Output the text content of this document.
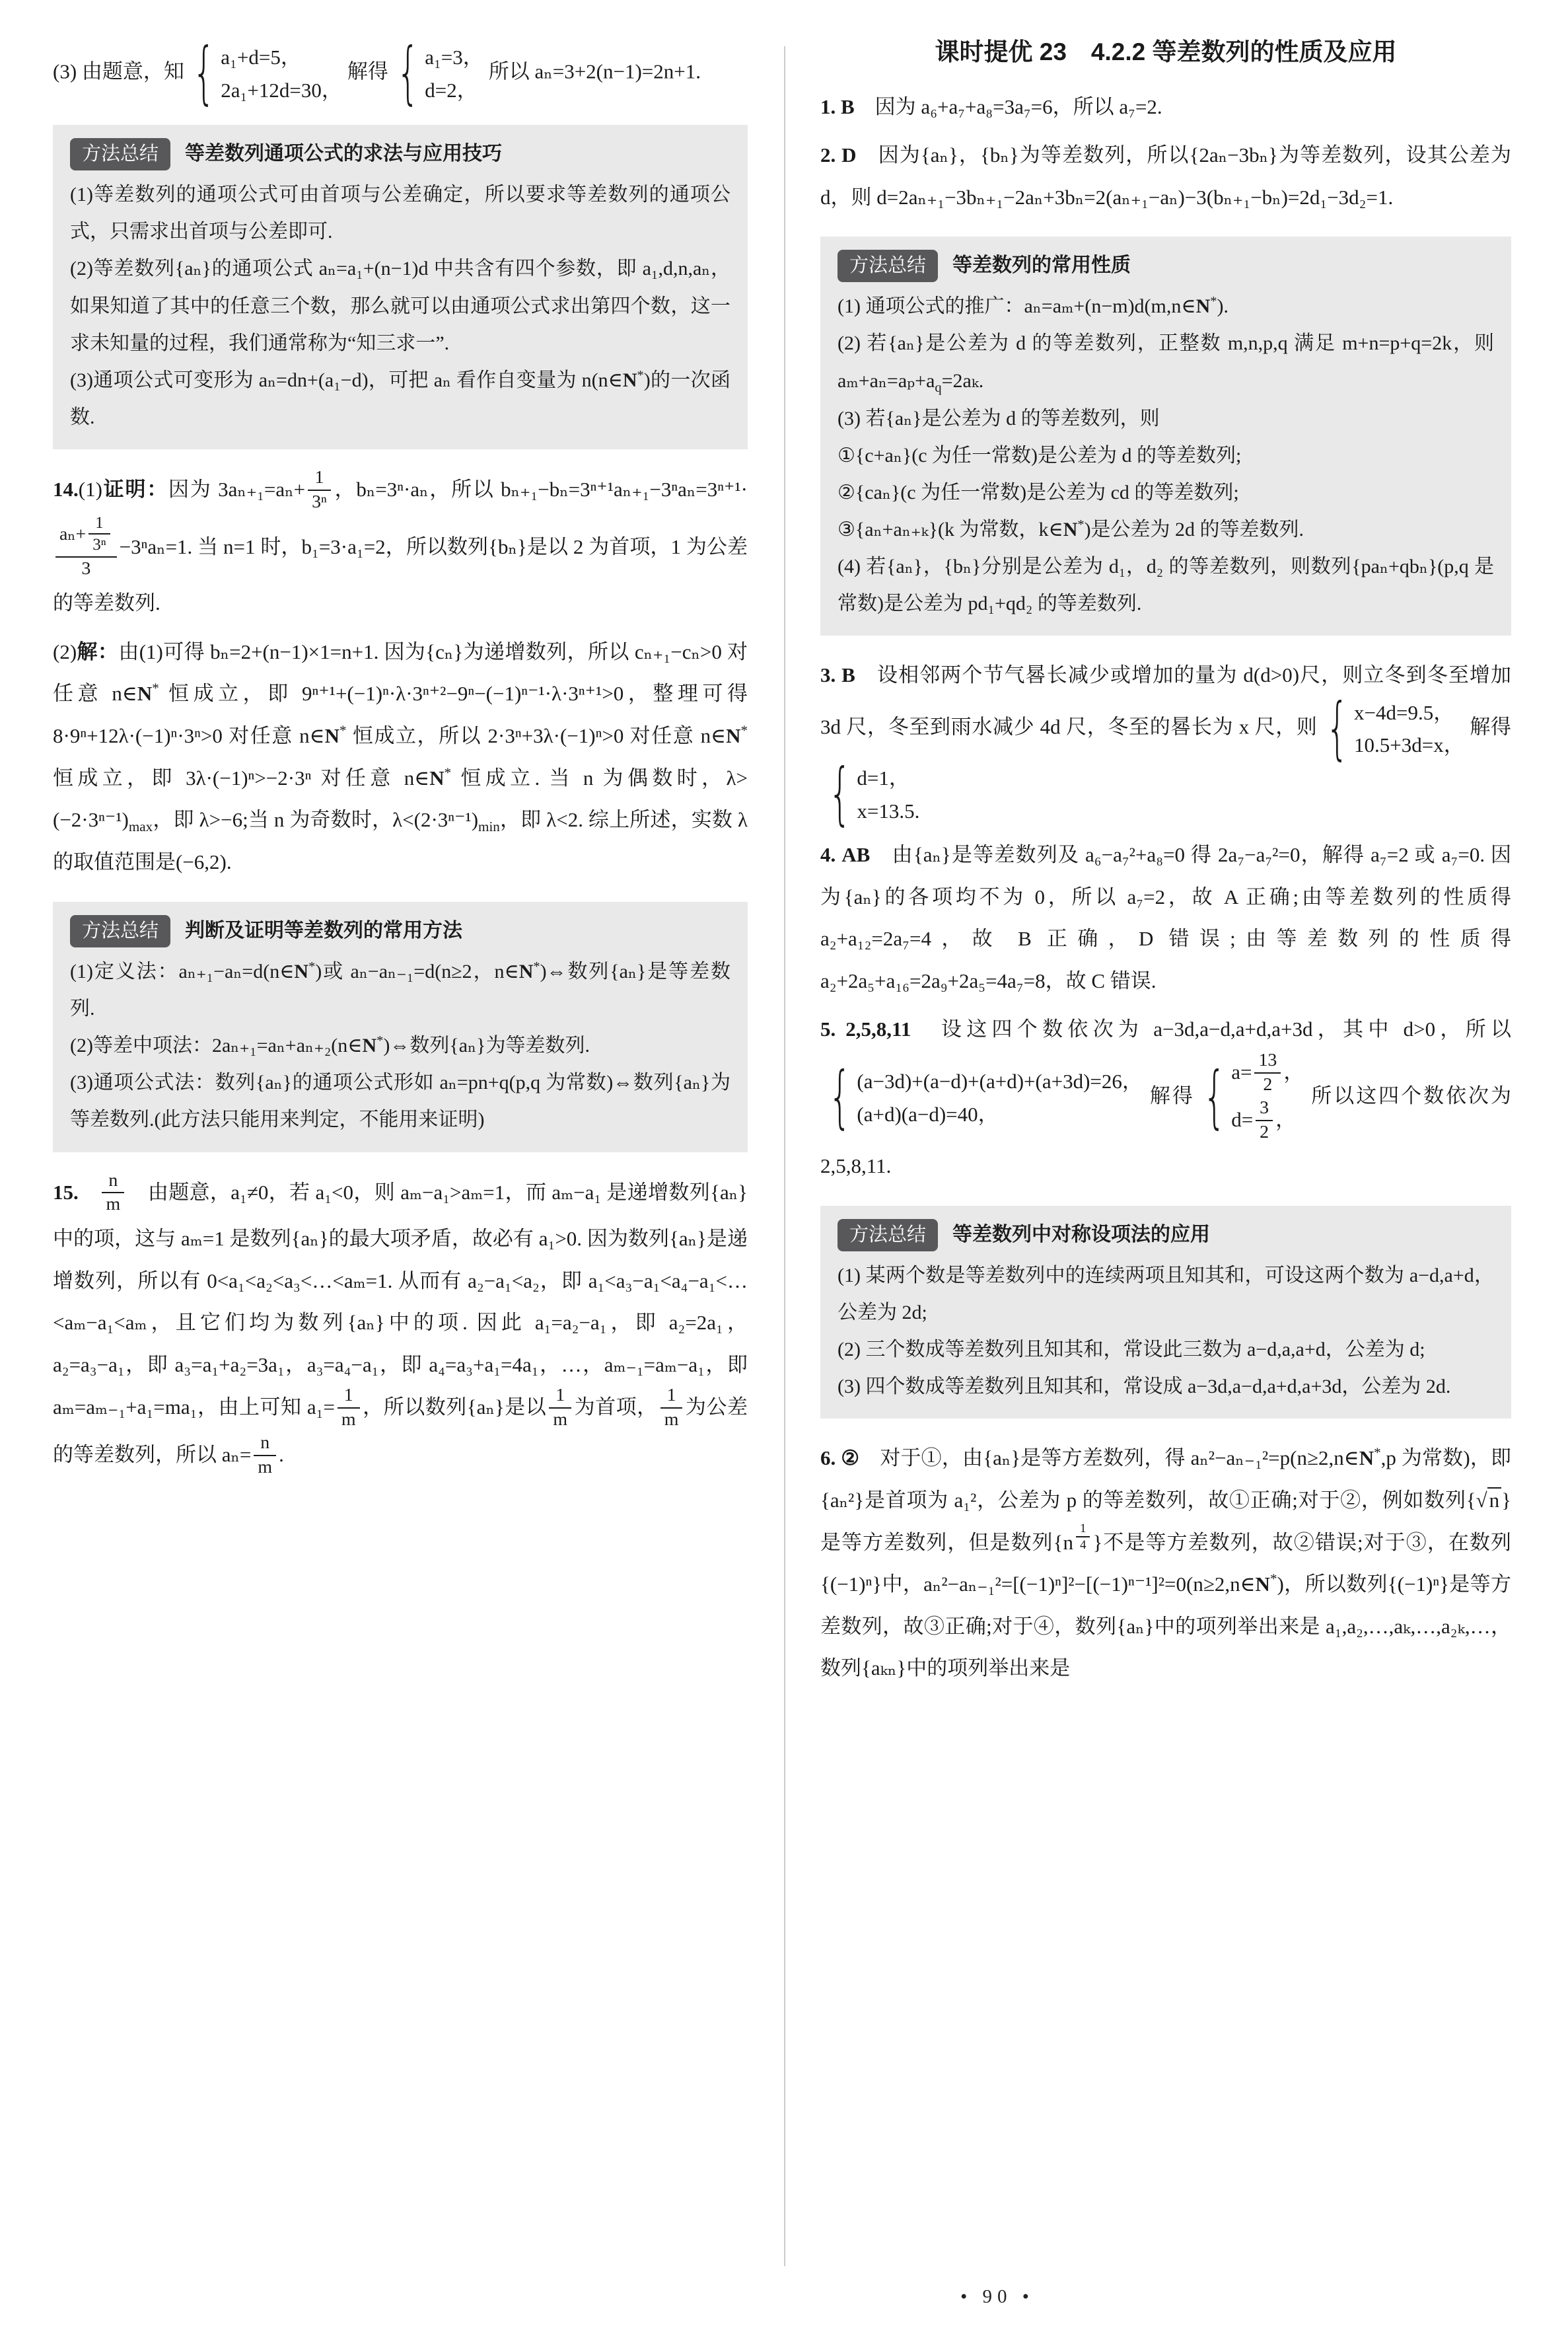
(3) 由题意，知 { a₁+d=5，
2a₁+12d=30，
解得 { a₁=3，
d=2，
所以 aₙ=3+2(n−1)=2n+1.
方法总结	等差数列通项公式的求法与应用技巧
(1)等差数列的通项公式可由首项与公差确定，所以要求等差数列的通项公式，只需求出首项与公差即可.
(2)等差数列{aₙ}的通项公式 aₙ=a₁+(n−1)d 中共含有四个参数，即 a₁,d,n,aₙ，如果知道了其中的任意三个数，那么就可以由通项公式求出第四个数，这一求未知量的过程，我们通常称为“知三求一”.
(3)通项公式可变形为 aₙ=dn+(a₁−d)，可把 aₙ 看作自变量为 n(n∈N*)的一次函数.
14.(1)证明：因为 $3a_{n+1}=a_n+ \frac{1}{\text{3ⁿ}}$ ，bₙ=3ⁿ·aₙ，所以 bₙ₊₁−bₙ=3ⁿ⁺¹aₙ₊₁−3ⁿaₙ=3ⁿ⁺¹·
$\frac{a_n+ \frac{1}{\text{3ⁿ}}}{3} -3^na_n=1$. 当 n=1 时，b₁=3·a₁=2，所以数列{bₙ}是以 2 为首项，1 为公差的等差数列.
(2)解：由(1)可得 bₙ=2+(n−1)×1=n+1. 因为{cₙ}为递增数列，所以 cₙ₊₁−cₙ>0 对任意 n∈N* 恒成立，即 9ⁿ⁺¹+(−1)ⁿ·λ·3ⁿ⁺²−9ⁿ−(−1)ⁿ⁻¹·λ·3ⁿ⁺¹>0，整理可得 8·9ⁿ+12λ·(−1)ⁿ·3ⁿ>0 对任意 n∈N* 恒成立，所以 2·3ⁿ+3λ·(−1)ⁿ>0 对任意 n∈N* 恒成立，即 3λ·(−1)ⁿ>−2·3ⁿ 对任意 n∈N* 恒成立. 当 n 为偶数时，$\lambda>(-2\cdot 3^{n-1})_{max}$，即 λ>−6;当 n 为奇数时，$\lambda<(2\cdot 3^{n-1})_{min}$，即 λ<2. 综上所述，实数 λ 的取值范围是(−6,2).
方法总结	判断及证明等差数列的常用方法
(1)定义法：aₙ₊₁−aₙ=d(n∈N*)或 aₙ−aₙ₋₁=d(n≥2，n∈N*)⇔数列{aₙ}是等差数列.
(2)等差中项法：2aₙ₊₁=aₙ+aₙ₊₂(n∈N*)⇔数列{aₙ}为等差数列.
(3)通项公式法：数列{aₙ}的通项公式形如 aₙ=pn+q(p,q 为常数)⇔数列{aₙ}为等差数列.(此方法只能用来判定，不能用来证明)
15.　 $\frac{n}{m}$ 　由题意，a₁≠0，若 a₁<0，则 aₘ−a₁>aₘ=1，而 aₘ−a₁ 是递增数列{aₙ}中的项，这与 aₘ=1 是数列{aₙ}的最大项矛盾，故必有 a₁>0. 因为数列{aₙ}是递增数列，所以有 0<a₁<a₂<a₃<…<aₘ=1. 从而有 a₂−a₁<a₂，即 a₁<a₃−a₁<a₄−a₁<…<aₘ−a₁<aₘ，且它们均为数列{aₙ}中的项. 因此 a₁=a₂−a₁，即 a₂=2a₁，a₂=a₃−a₁，即 a₃=a₁+a₂=3a₁，a₃=a₄−a₁，即 a₄=a₃+a₁=4a₁，…，aₘ₋₁=aₘ−a₁，即 aₘ=aₘ₋₁+a₁=ma₁，由上可知 $a_1= \frac{1}{m}$ ，所以数列{aₙ}是以 $\frac{1}{m}$ 为首项， $\frac{1}{m}$ 为公差的等差数列，所以 $a_n= \frac{n}{m}$ .
课时提优 23　4.2.2 等差数列的性质及应用
1. B　因为 a₆+a₇+a₈=3a₇=6，所以 a₇=2.
2. D　因为{aₙ}，{bₙ}为等差数列，所以{2aₙ−3bₙ}为等差数列，设其公差为 d，则 d=2aₙ₊₁−3bₙ₊₁−2aₙ+3bₙ=2(aₙ₊₁−aₙ)−3(bₙ₊₁−bₙ)=2d₁−3d₂=1.
方法总结	等差数列的常用性质
(1) 通项公式的推广：aₙ=aₘ+(n−m)d(m,n∈N*).
(2) 若{aₙ}是公差为 d 的等差数列，正整数 m,n,p,q 满足 m+n=p+q=2k，则 $a_m+a_n=a_p+a_q=2a_k$.
(3) 若{aₙ}是公差为 d 的等差数列，则
①{c+aₙ}(c 为任一常数)是公差为 d 的等差数列;
②{caₙ}(c 为任一常数)是公差为 cd 的等差数列;
③{aₙ+aₙ₊ₖ}(k 为常数，k∈N*)是公差为 2d 的等差数列.
(4) 若{aₙ}，{bₙ}分别是公差为 d₁，d₂ 的等差数列，则数列{paₙ+qbₙ}(p,q 是常数)是公差为 pd₁+qd₂ 的等差数列.
3. B　设相邻两个节气晷长减少或增加的量为 d(d>0)尺，则立冬到冬至增加 3d 尺，冬至到雨水减少 4d 尺，冬至的晷长为 x 尺，则 { x−4d=9.5，
10.5+3d=x，
解得
{ d=1，
x=13.5.
4. AB　由{aₙ}是等差数列及 a₆−a₇²+a₈=0 得 2a₇−a₇²=0，解得 a₇=2 或 a₇=0. 因为{aₙ}的各项均不为 0，所以 a₇=2，故 A 正确;由等差数列的性质得 a₂+a₁₂=2a₇=4，故 B 正确，D 错误;由等差数列的性质得 a₂+2a₅+a₁₆=2a₉+2a₅=4a₇=8，故 C 错误.
5. 2,5,8,11　设这四个数依次为 a−3d,a−d,a+d,a+3d，其中 d>0，所以
{ (a−3d)+(a−d)+(a+d)+(a+3d)=26，
(a+d)(a−d)=40，
解得 { $a= \frac{13}{2}$ ，
$d= \frac{3}{2}$ ，
所以这四个数依次为 2,5,8,11.
方法总结	等差数列中对称设项法的应用
(1) 某两个数是等差数列中的连续两项且知其和，可设这两个数为 a−d,a+d，公差为 2d;
(2) 三个数成等差数列且知其和，常设此三数为 a−d,a,a+d，公差为 d;
(3) 四个数成等差数列且知其和，常设成 a−3d,a−d,a+d,a+3d，公差为 2d.
6. ②　对于①，由{aₙ}是等方差数列，得 aₙ²−aₙ₋₁²=p(n≥2,n∈N*,p 为常数)，即{aₙ²}是首项为 a₁²，公差为 p 的等差数列，故①正确;对于②，例如数列{√n}是等方差数列，但是数列{n $^{\frac{1}{4}}$ }不是等方差数列，故②错误;对于③，在数列{(−1)ⁿ}中，aₙ²−aₙ₋₁²=[(−1)ⁿ]²−[(−1)ⁿ⁻¹]²=0(n≥2,n∈N*)，所以数列{(−1)ⁿ}是等方差数列，故③正确;对于④，数列{aₙ}中的项列举出来是 a₁,a₂,…,aₖ,…,a₂ₖ,…，数列{aₖₙ}中的项列举出来是
• 90 •
